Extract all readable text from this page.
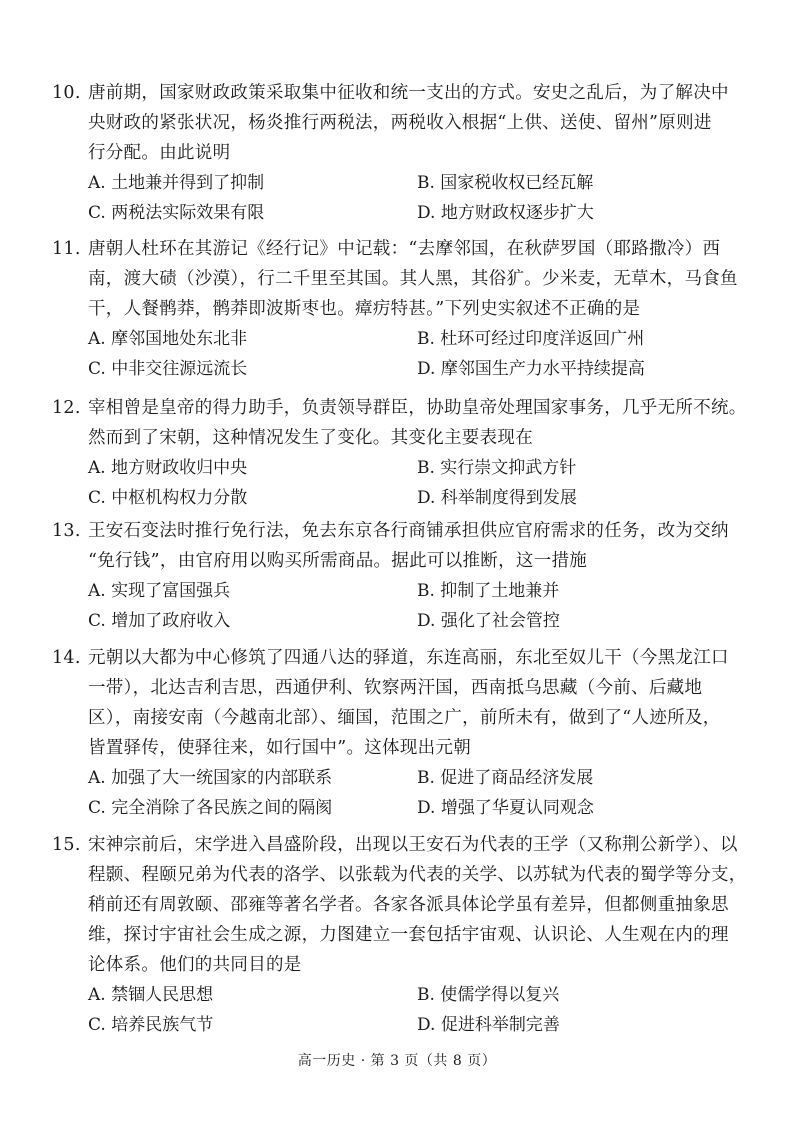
10. 唐前期，国家财政政策采取集中征收和统一支出的方式。安史之乱后，为了解决中
央财政的紧张状况，杨炎推行两税法，两税收入根据“上供、送使、留州”原则进
行分配。由此说明
A. 土地兼并得到了抑制	B. 国家税收权已经瓦解
C. 两税法实际效果有限	D. 地方财政权逐步扩大
11. 唐朝人杜环在其游记《经行记》中记载：“去摩邻国，在秋萨罗国（耶路撒冷）西
南，渡大碛（沙漠），行二千里至其国。其人黑，其俗犷。少米麦，无草木，马食鱼
干，人餐鹘莽，鹘莽即波斯枣也。瘴疠特甚。”下列史实叙述不正确的是
A. 摩邻国地处东北非	B. 杜环可经过印度洋返回广州
C. 中非交往源远流长	D. 摩邻国生产力水平持续提高
12. 宰相曾是皇帝的得力助手，负责领导群臣，协助皇帝处理国家事务，几乎无所不统。
然而到了宋朝，这种情况发生了变化。其变化主要表现在
A. 地方财政收归中央	B. 实行崇文抑武方针
C. 中枢机构权力分散	D. 科举制度得到发展
13. 王安石变法时推行免行法，免去东京各行商铺承担供应官府需求的任务，改为交纳
“免行钱”，由官府用以购买所需商品。据此可以推断，这一措施
A. 实现了富国强兵	B. 抑制了土地兼并
C. 增加了政府收入	D. 强化了社会管控
14. 元朝以大都为中心修筑了四通八达的驿道，东连高丽，东北至奴儿干（今黑龙江口
一带），北达吉利吉思，西通伊利、钦察两汗国，西南抵乌思藏（今前、后藏地
区），南接安南（今越南北部）、缅国，范围之广，前所未有，做到了“人迹所及，
皆置驿传，使驿往来，如行国中”。这体现出元朝
A. 加强了大一统国家的内部联系	B. 促进了商品经济发展
C. 完全消除了各民族之间的隔阂	D. 增强了华夏认同观念
15. 宋神宗前后，宋学进入昌盛阶段，出现以王安石为代表的王学（又称荆公新学）、以
程颢、程颐兄弟为代表的洛学、以张载为代表的关学、以苏轼为代表的蜀学等分支，
稍前还有周敦颐、邵雍等著名学者。各家各派具体论学虽有差异，但都侧重抽象思
维，探讨宇宙社会生成之源，力图建立一套包括宇宙观、认识论、人生观在内的理
论体系。他们的共同目的是
A. 禁锢人民思想	B. 使儒学得以复兴
C. 培养民族气节	D. 促进科举制完善
高一历史 · 第 3 页（共 8 页）
